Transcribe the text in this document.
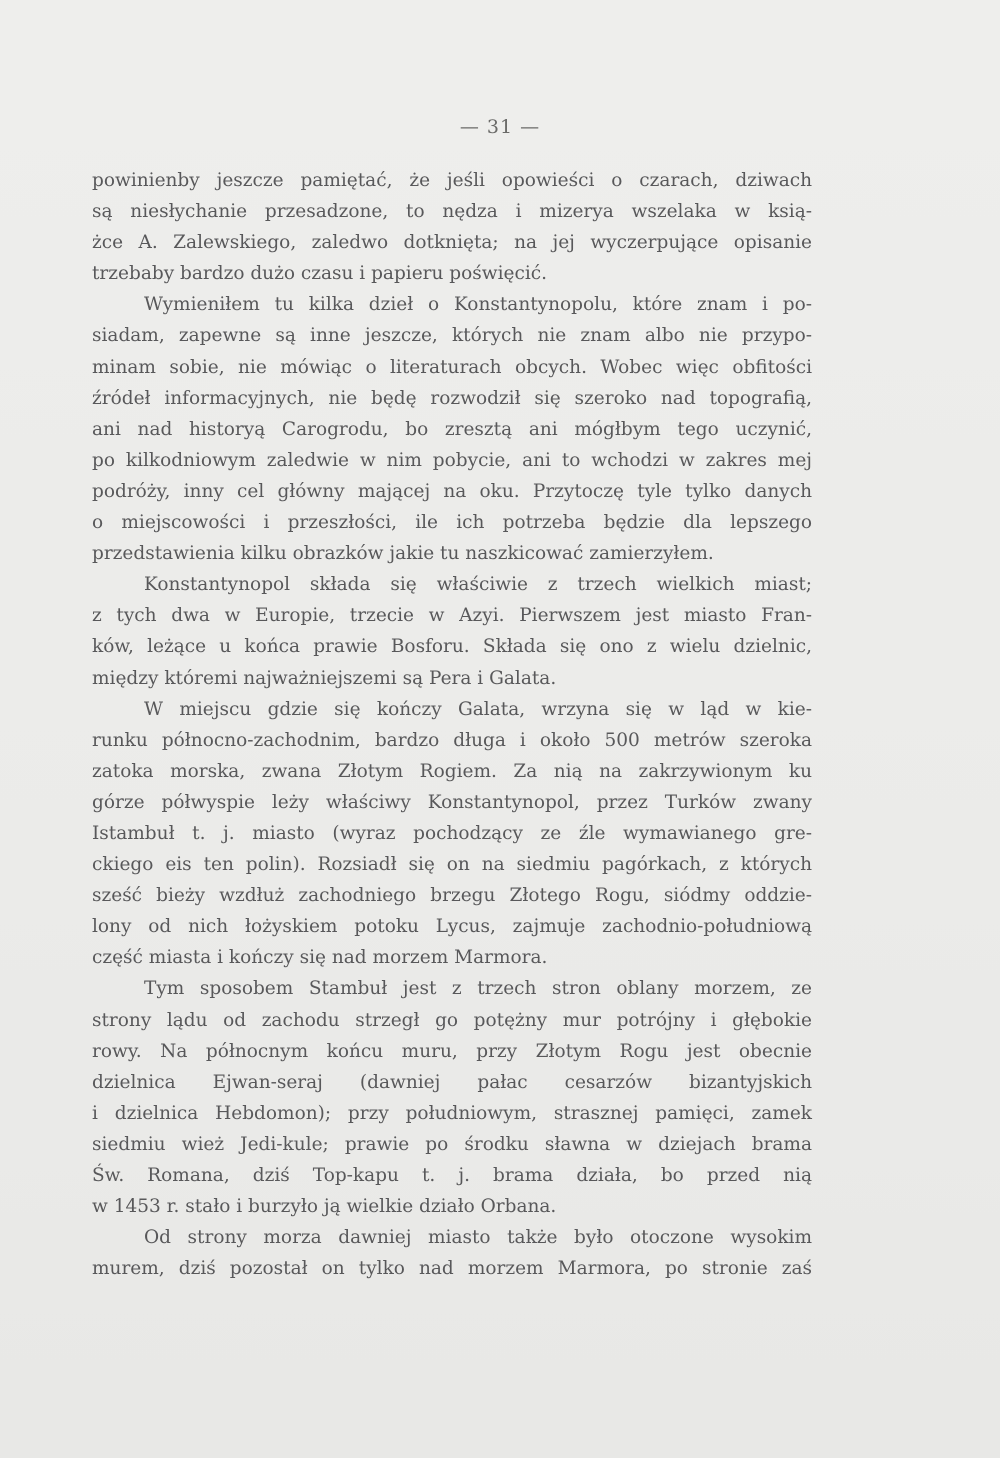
— 31 —
powinienby jeszcze pamiętać, że jeśli opowieści o czarach, dziwach
są niesłychanie przesadzone, to nędza i mizerya wszelaka w ksią-
żce A. Zalewskiego, zaledwo dotknięta; na jej wyczerpujące opisanie
trzebaby bardzo dużo czasu i papieru poświęcić.
Wymieniłem tu kilka dzieł o Konstantynopolu, które znam i po-
siadam, zapewne są inne jeszcze, których nie znam albo nie przypo-
minam sobie, nie mówiąc o literaturach obcych. Wobec więc obfitości
źródeł informacyjnych, nie będę rozwodził się szeroko nad topografią,
ani nad historyą Carogrodu, bo zresztą ani mógłbym tego uczynić,
po kilkodniowym zaledwie w nim pobycie, ani to wchodzi w zakres mej
podróży, inny cel główny mającej na oku. Przytoczę tyle tylko danych
o miejscowości i przeszłości, ile ich potrzeba będzie dla lepszego
przedstawienia kilku obrazków jakie tu naszkicować zamierzyłem.
Konstantynopol składa się właściwie z trzech wielkich miast;
z tych dwa w Europie, trzecie w Azyi. Pierwszem jest miasto Fran-
ków, leżące u końca prawie Bosforu. Składa się ono z wielu dzielnic,
między któremi najważniejszemi są Pera i Galata.
W miejscu gdzie się kończy Galata, wrzyna się w ląd w kie-
runku północno-zachodnim, bardzo długa i około 500 metrów szeroka
zatoka morska, zwana Złotym Rogiem. Za nią na zakrzywionym ku
górze półwyspie leży właściwy Konstantynopol, przez Turków zwany
Istambuł t. j. miasto (wyraz pochodzący ze źle wymawianego gre-
ckiego eis ten polin). Rozsiadł się on na siedmiu pagórkach, z których
sześć bieży wzdłuż zachodniego brzegu Złotego Rogu, siódmy oddzie-
lony od nich łożyskiem potoku Lycus, zajmuje zachodnio-południową
część miasta i kończy się nad morzem Marmora.
Tym sposobem Stambuł jest z trzech stron oblany morzem, ze
strony lądu od zachodu strzegł go potężny mur potrójny i głębokie
rowy. Na północnym końcu muru, przy Złotym Rogu jest obecnie
dzielnica Ejwan-seraj (dawniej pałac cesarzów bizantyjskich
i dzielnica Hebdomon); przy południowym, strasznej pamięci, zamek
siedmiu wież Jedi-kule; prawie po środku sławna w dziejach brama
Św. Romana, dziś Top-kapu t. j. brama działa, bo przed nią
w 1453 r. stało i burzyło ją wielkie działo Orbana.
Od strony morza dawniej miasto także było otoczone wysokim
murem, dziś pozostał on tylko nad morzem Marmora, po stronie zaś
